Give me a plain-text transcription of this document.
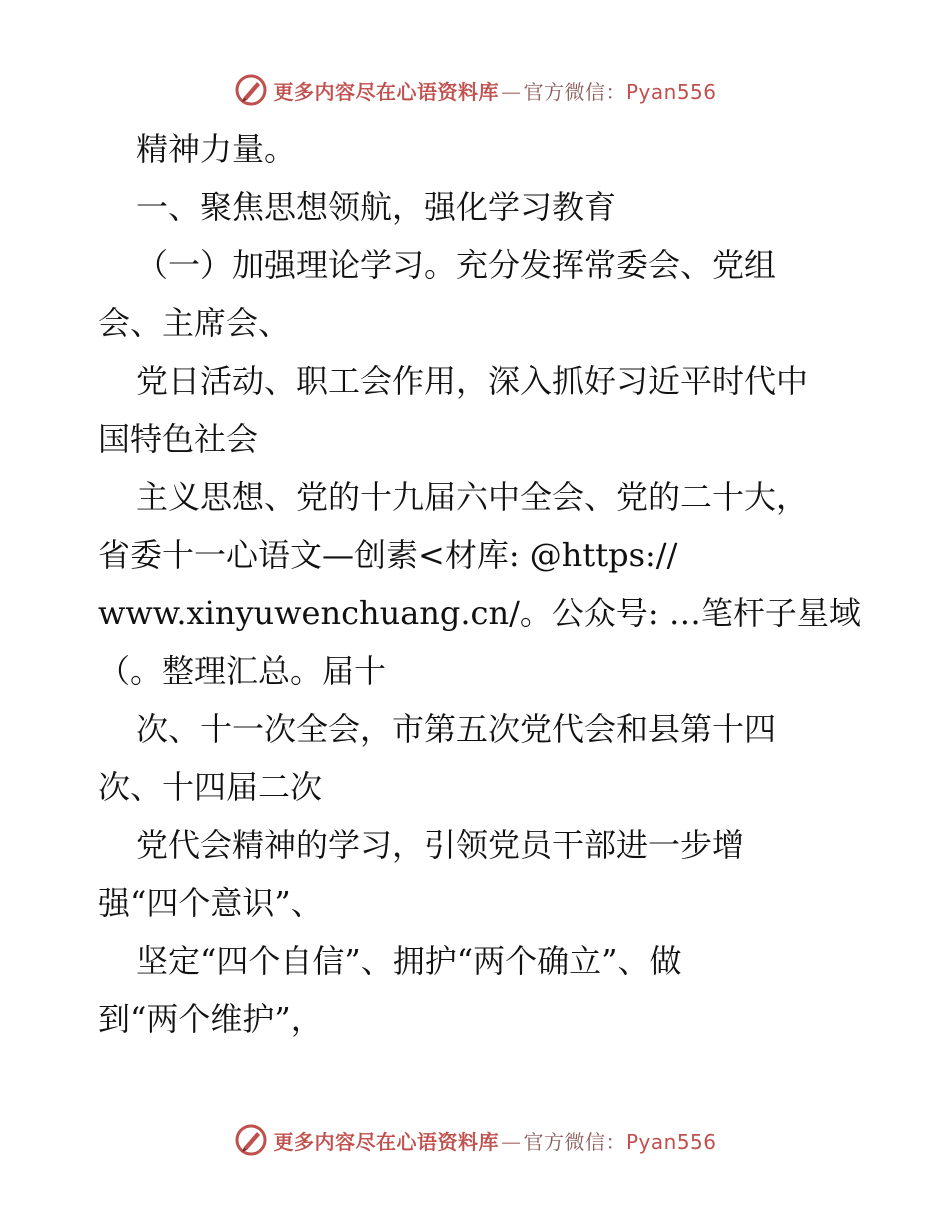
更多内容尽在心语资料库 — 官方微信：Pyan556
精神力量。
一、聚焦思想领航，强化学习教育
（一）加强理论学习。充分发挥常委会、党组
会、主席会、
党日活动、职工会作用，深入抓好习近平时代中
国特色社会
主义思想、党的十九届六中全会、党的二十大，
省委十一心语文—创素<材库: @https://
www.xinyuwenchuang.cn/。公众号: …笔杆子星域
（。整理汇总。届十
次、十一次全会，市第五次党代会和县第十四
次、十四届二次
党代会精神的学习，引领党员干部进一步增
强“四个意识”、
坚定“四个自信”、拥护“两个确立”、做
到“两个维护”，
更多内容尽在心语资料库 — 官方微信：Pyan556
